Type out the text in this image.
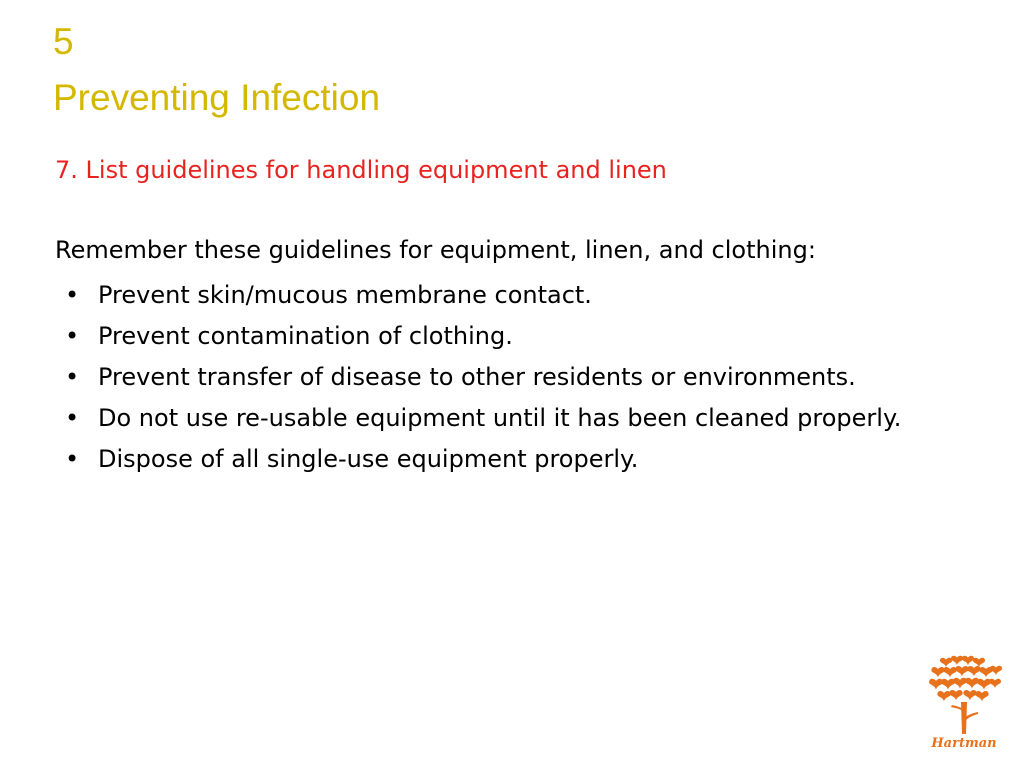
5
Preventing Infection
7. List guidelines for handling equipment and linen

Remember these guidelines for equipment, linen, and clothing:

• Prevent skin/mucous membrane contact.
• Prevent contamination of clothing.
• Prevent transfer of disease to other residents or environments.
• Do not use re-usable equipment until it has been cleaned properly.
• Dispose of all single-use equipment properly.
Hartman
